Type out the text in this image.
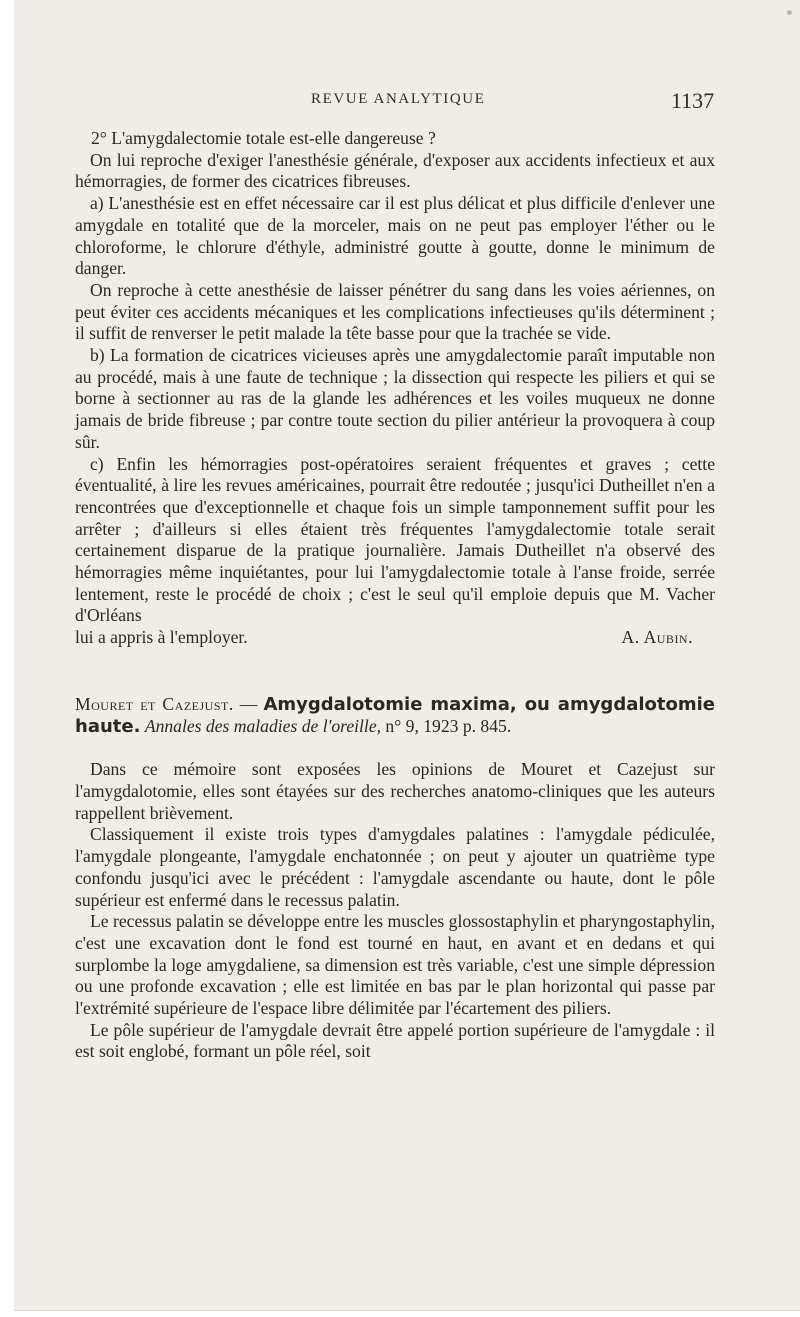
REVUE ANALYTIQUE	1137

2° L'amygdalectomie totale est-elle dangereuse ?

On lui reproche d'exiger l'anesthésie générale, d'exposer aux accidents infectieux et aux hémorragies, de former des cicatrices fibreuses.

a) L'anesthésie est en effet nécessaire car il est plus délicat et plus difficile d'enlever une amygdale en totalité que de la morceler, mais on ne peut pas employer l'éther ou le chloroforme, le chlorure d'éthyle, administré goutte à goutte, donne le minimum de danger.

On reproche à cette anesthésie de laisser pénétrer du sang dans les voies aériennes, on peut éviter ces accidents mécaniques et les complications infectieuses qu'ils déterminent ; il suffit de renverser le petit malade la tête basse pour que la trachée se vide.

b) La formation de cicatrices vicieuses après une amygdalectomie paraît imputable non au procédé, mais à une faute de technique ; la dissection qui respecte les piliers et qui se borne à sectionner au ras de la glande les adhérences et les voiles muqueux ne donne jamais de bride fibreuse ; par contre toute section du pilier antérieur la provoquera à coup sûr.

c) Enfin les hémorragies post-opératoires seraient fréquentes et graves ; cette éventualité, à lire les revues américaines, pourrait être redoutée ; jusqu'ici Dutheillet n'en a rencontrées que d'exceptionnelle et chaque fois un simple tamponnement suffit pour les arrêter ; d'ailleurs si elles étaient très fréquentes l'amygdalectomie totale serait certainement disparue de la pratique journalière. Jamais Dutheillet n'a observé des hémorragies même inquiétantes, pour lui l'amygdalectomie totale à l'anse froide, serrée lentement, reste le procédé de choix ; c'est le seul qu'il emploie depuis que M. Vacher d'Orléans

lui a appris à l'employer.	A. Aubin.

Mouret et Cazejust. — Amygdalotomie maxima, ou amygdalotomie haute. Annales des maladies de l'oreille, n° 9, 1923 p. 845.

Dans ce mémoire sont exposées les opinions de Mouret et Cazejust sur l'amygdalotomie, elles sont étayées sur des recherches anatomo-cliniques que les auteurs rappellent brièvement.

Classiquement il existe trois types d'amygdales palatines : l'amygdale pédiculée, l'amygdale plongeante, l'amygdale enchatonnée ; on peut y ajouter un quatrième type confondu jusqu'ici avec le précédent : l'amygdale ascendante ou haute, dont le pôle supérieur est enfermé dans le recessus palatin.

Le recessus palatin se développe entre les muscles glossostaphylin et pharyngostaphylin, c'est une excavation dont le fond est tourné en haut, en avant et en dedans et qui surplombe la loge amygdaliene, sa dimension est très variable, c'est une simple dépression ou une profonde excavation ; elle est limitée en bas par le plan horizontal qui passe par l'extrémité supérieure de l'espace libre délimitée par l'écartement des piliers.

Le pôle supérieur de l'amygdale devrait être appelé portion supérieure de l'amygdale : il est soit englobé, formant un pôle réel, soit
